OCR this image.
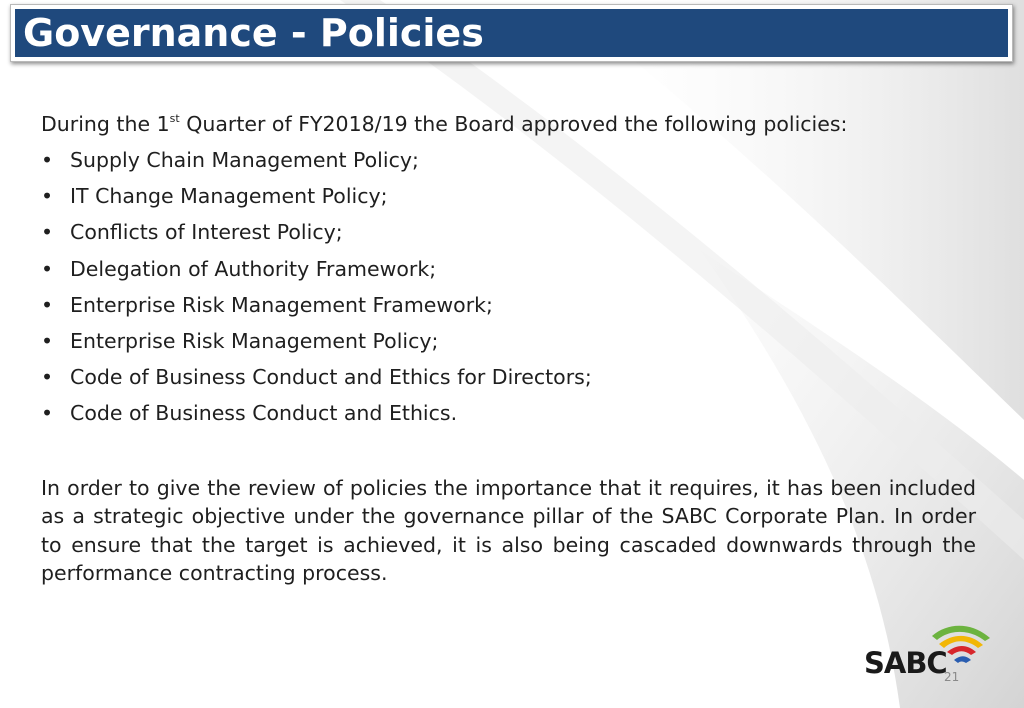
Governance - Policies
During the 1st Quarter of FY2018/19 the Board approved the following policies:
• Supply Chain Management Policy;
• IT Change Management Policy;
• Conflicts of Interest Policy;
• Delegation of Authority Framework;
• Enterprise Risk Management Framework;
• Enterprise Risk Management Policy;
• Code of Business Conduct and Ethics for Directors;
• Code of Business Conduct and Ethics.
In order to give the review of policies the importance that it requires, it has been included as a strategic objective under the governance pillar of the SABC Corporate Plan. In order to ensure that the target is achieved, it is also being cascaded downwards through the performance contracting process.
SABC
21
